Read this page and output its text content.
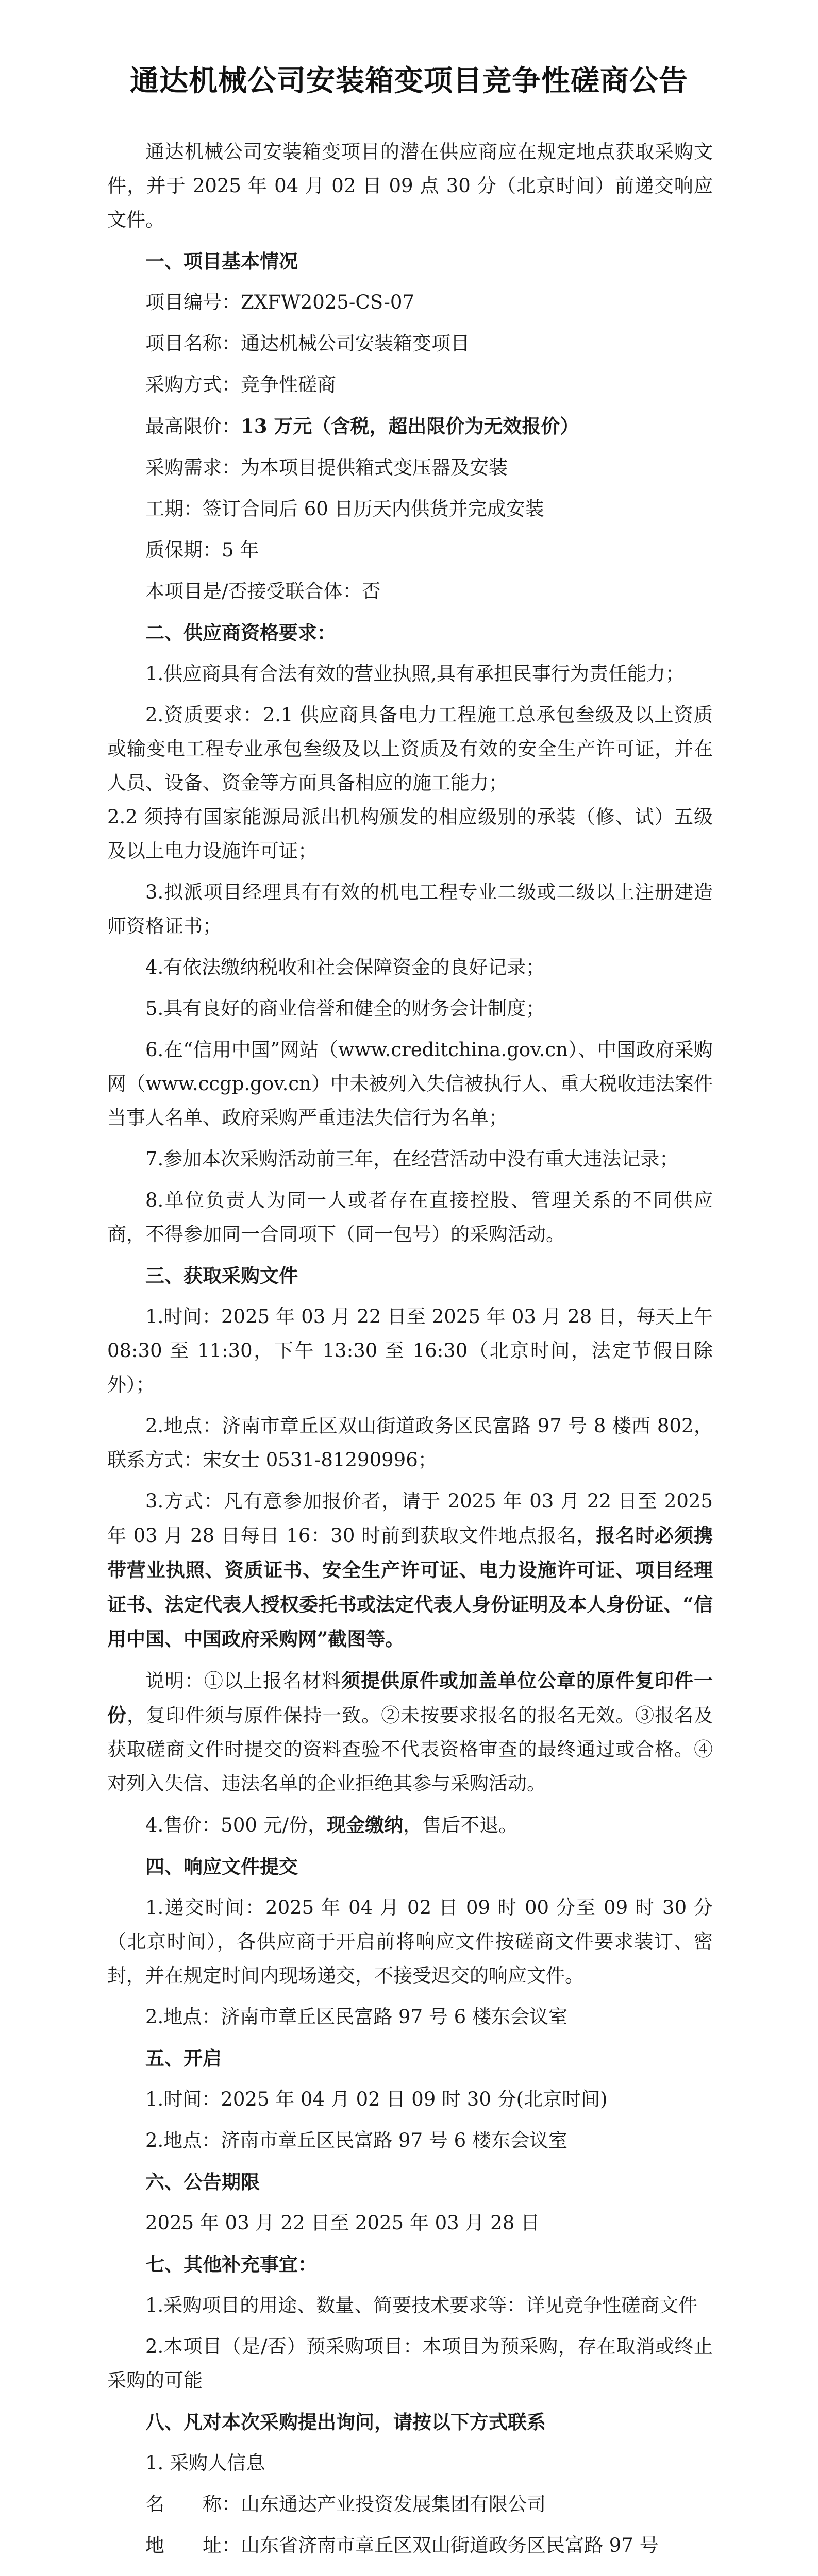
通达机械公司安装箱变项目竞争性磋商公告
通达机械公司安装箱变项目的潜在供应商应在规定地点获取采购文件，并于 2025 年 04 月 02 日 09 点 30 分（北京时间）前递交响应文件。
一、项目基本情况
项目编号：ZXFW2025-CS-07
项目名称：通达机械公司安装箱变项目
采购方式：竞争性磋商
最高限价：13 万元（含税，超出限价为无效报价）
采购需求：为本项目提供箱式变压器及安装
工期：签订合同后 60 日历天内供货并完成安装
质保期：5 年
本项目是/否接受联合体：否
二、供应商资格要求：
1.供应商具有合法有效的营业执照,具有承担民事行为责任能力；
2.资质要求：2.1 供应商具备电力工程施工总承包叁级及以上资质或输变电工程专业承包叁级及以上资质及有效的安全生产许可证，并在人员、设备、资金等方面具备相应的施工能力；
2.2 须持有国家能源局派出机构颁发的相应级别的承装（修、试）五级及以上电力设施许可证；
3.拟派项目经理具有有效的机电工程专业二级或二级以上注册建造师资格证书；
4.有依法缴纳税收和社会保障资金的良好记录；
5.具有良好的商业信誉和健全的财务会计制度；
6.在“信用中国”网站（www.creditchina.gov.cn）、中国政府采购网（www.ccgp.gov.cn）中未被列入失信被执行人、重大税收违法案件当事人名单、政府采购严重违法失信行为名单；
7.参加本次采购活动前三年，在经营活动中没有重大违法记录；
8.单位负责人为同一人或者存在直接控股、管理关系的不同供应商，不得参加同一合同项下（同一包号）的采购活动。
三、获取采购文件
1.时间：2025 年 03 月 22 日至 2025 年 03 月 28 日，每天上午 08:30 至 11:30，下午 13:30 至 16:30（北京时间，法定节假日除外）；
2.地点：济南市章丘区双山街道政务区民富路 97 号 8 楼西 802，联系方式：宋女士 0531-81290996；
3.方式：凡有意参加报价者，请于 2025 年 03 月 22 日至 2025 年 03 月 28 日每日 16：30 时前到获取文件地点报名，报名时必须携带营业执照、资质证书、安全生产许可证、电力设施许可证、项目经理证书、法定代表人授权委托书或法定代表人身份证明及本人身份证、“信用中国、中国政府采购网”截图等。
说明：①以上报名材料须提供原件或加盖单位公章的原件复印件一份，复印件须与原件保持一致。②未按要求报名的报名无效。③报名及获取磋商文件时提交的资料查验不代表资格审查的最终通过或合格。④对列入失信、违法名单的企业拒绝其参与采购活动。
4.售价：500 元/份，现金缴纳，售后不退。
四、响应文件提交
1.递交时间：2025 年 04 月 02 日 09 时 00 分至 09 时 30 分（北京时间），各供应商于开启前将响应文件按磋商文件要求装订、密封，并在规定时间内现场递交，不接受迟交的响应文件。
2.地点：济南市章丘区民富路 97 号 6 楼东会议室
五、开启
1.时间：2025 年 04 月 02 日 09 时 30 分(北京时间)
2.地点：济南市章丘区民富路 97 号 6 楼东会议室
六、公告期限
2025 年 03 月 22 日至 2025 年 03 月 28 日
七、其他补充事宜：
1.采购项目的用途、数量、简要技术要求等：详见竞争性磋商文件
2.本项目（是/否）预采购项目：本项目为预采购，存在取消或终止采购的可能
八、凡对本次采购提出询问，请按以下方式联系
1. 采购人信息
名　　称： 山东通达产业投资发展集团有限公司
地　　址： 山东省济南市章丘区双山街道政务区民富路 97 号
